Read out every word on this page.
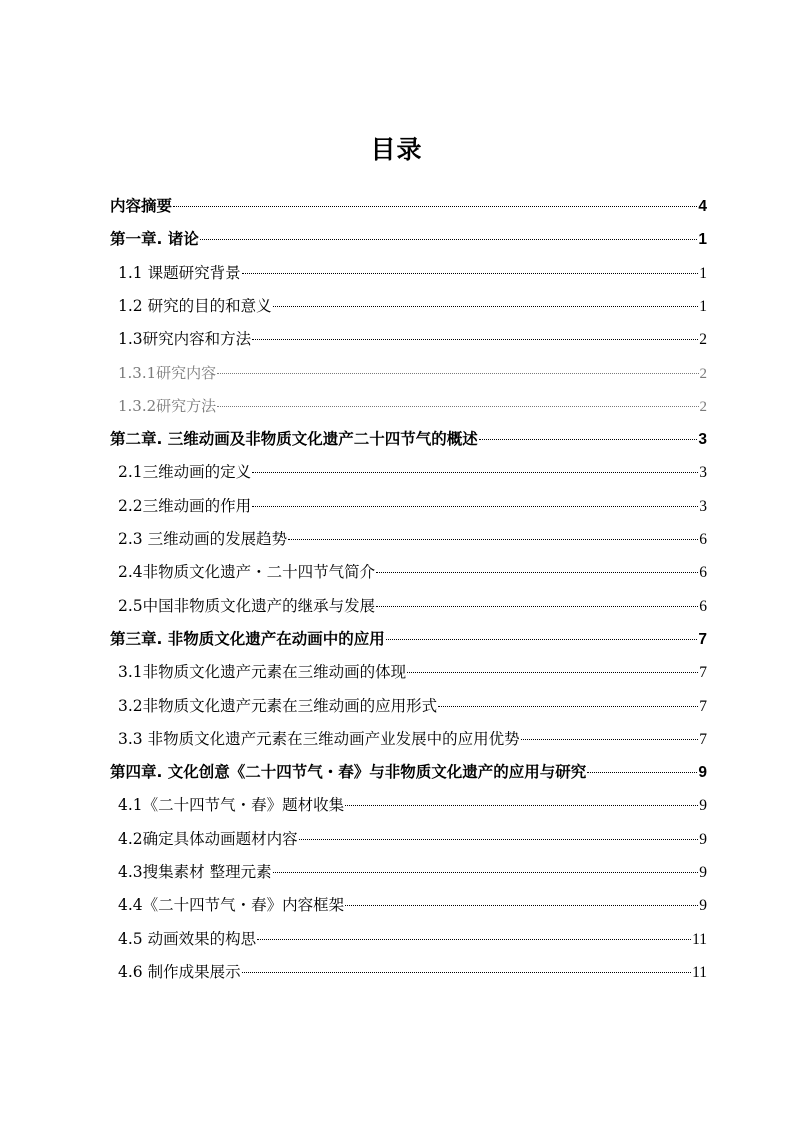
目录
内容摘要	4
第一章. 诸论	1
1.1 课题研究背景	1
1.2 研究的目的和意义	1
1.3研究内容和方法	2
1.3.1研究内容	2
1.3.2研究方法	2
第二章. 三维动画及非物质文化遗产二十四节气的概述	3
2.1三维动画的定义	3
2.2三维动画的作用	3
2.3 三维动画的发展趋势	6
2.4非物质文化遗产・二十四节气简介	6
2.5中国非物质文化遗产的继承与发展	6
第三章. 非物质文化遗产在动画中的应用	7
3.1非物质文化遗产元素在三维动画的体现	7
3.2非物质文化遗产元素在三维动画的应用形式	7
3.3 非物质文化遗产元素在三维动画产业发展中的应用优势	7
第四章. 文化创意《二十四节气・春》与非物质文化遗产的应用与研究	9
4.1《二十四节气・春》题材收集	9
4.2确定具体动画题材内容	9
4.3搜集素材 整理元素	9
4.4《二十四节气・春》内容框架	9
4.5 动画效果的构思	11
4.6 制作成果展示	11
